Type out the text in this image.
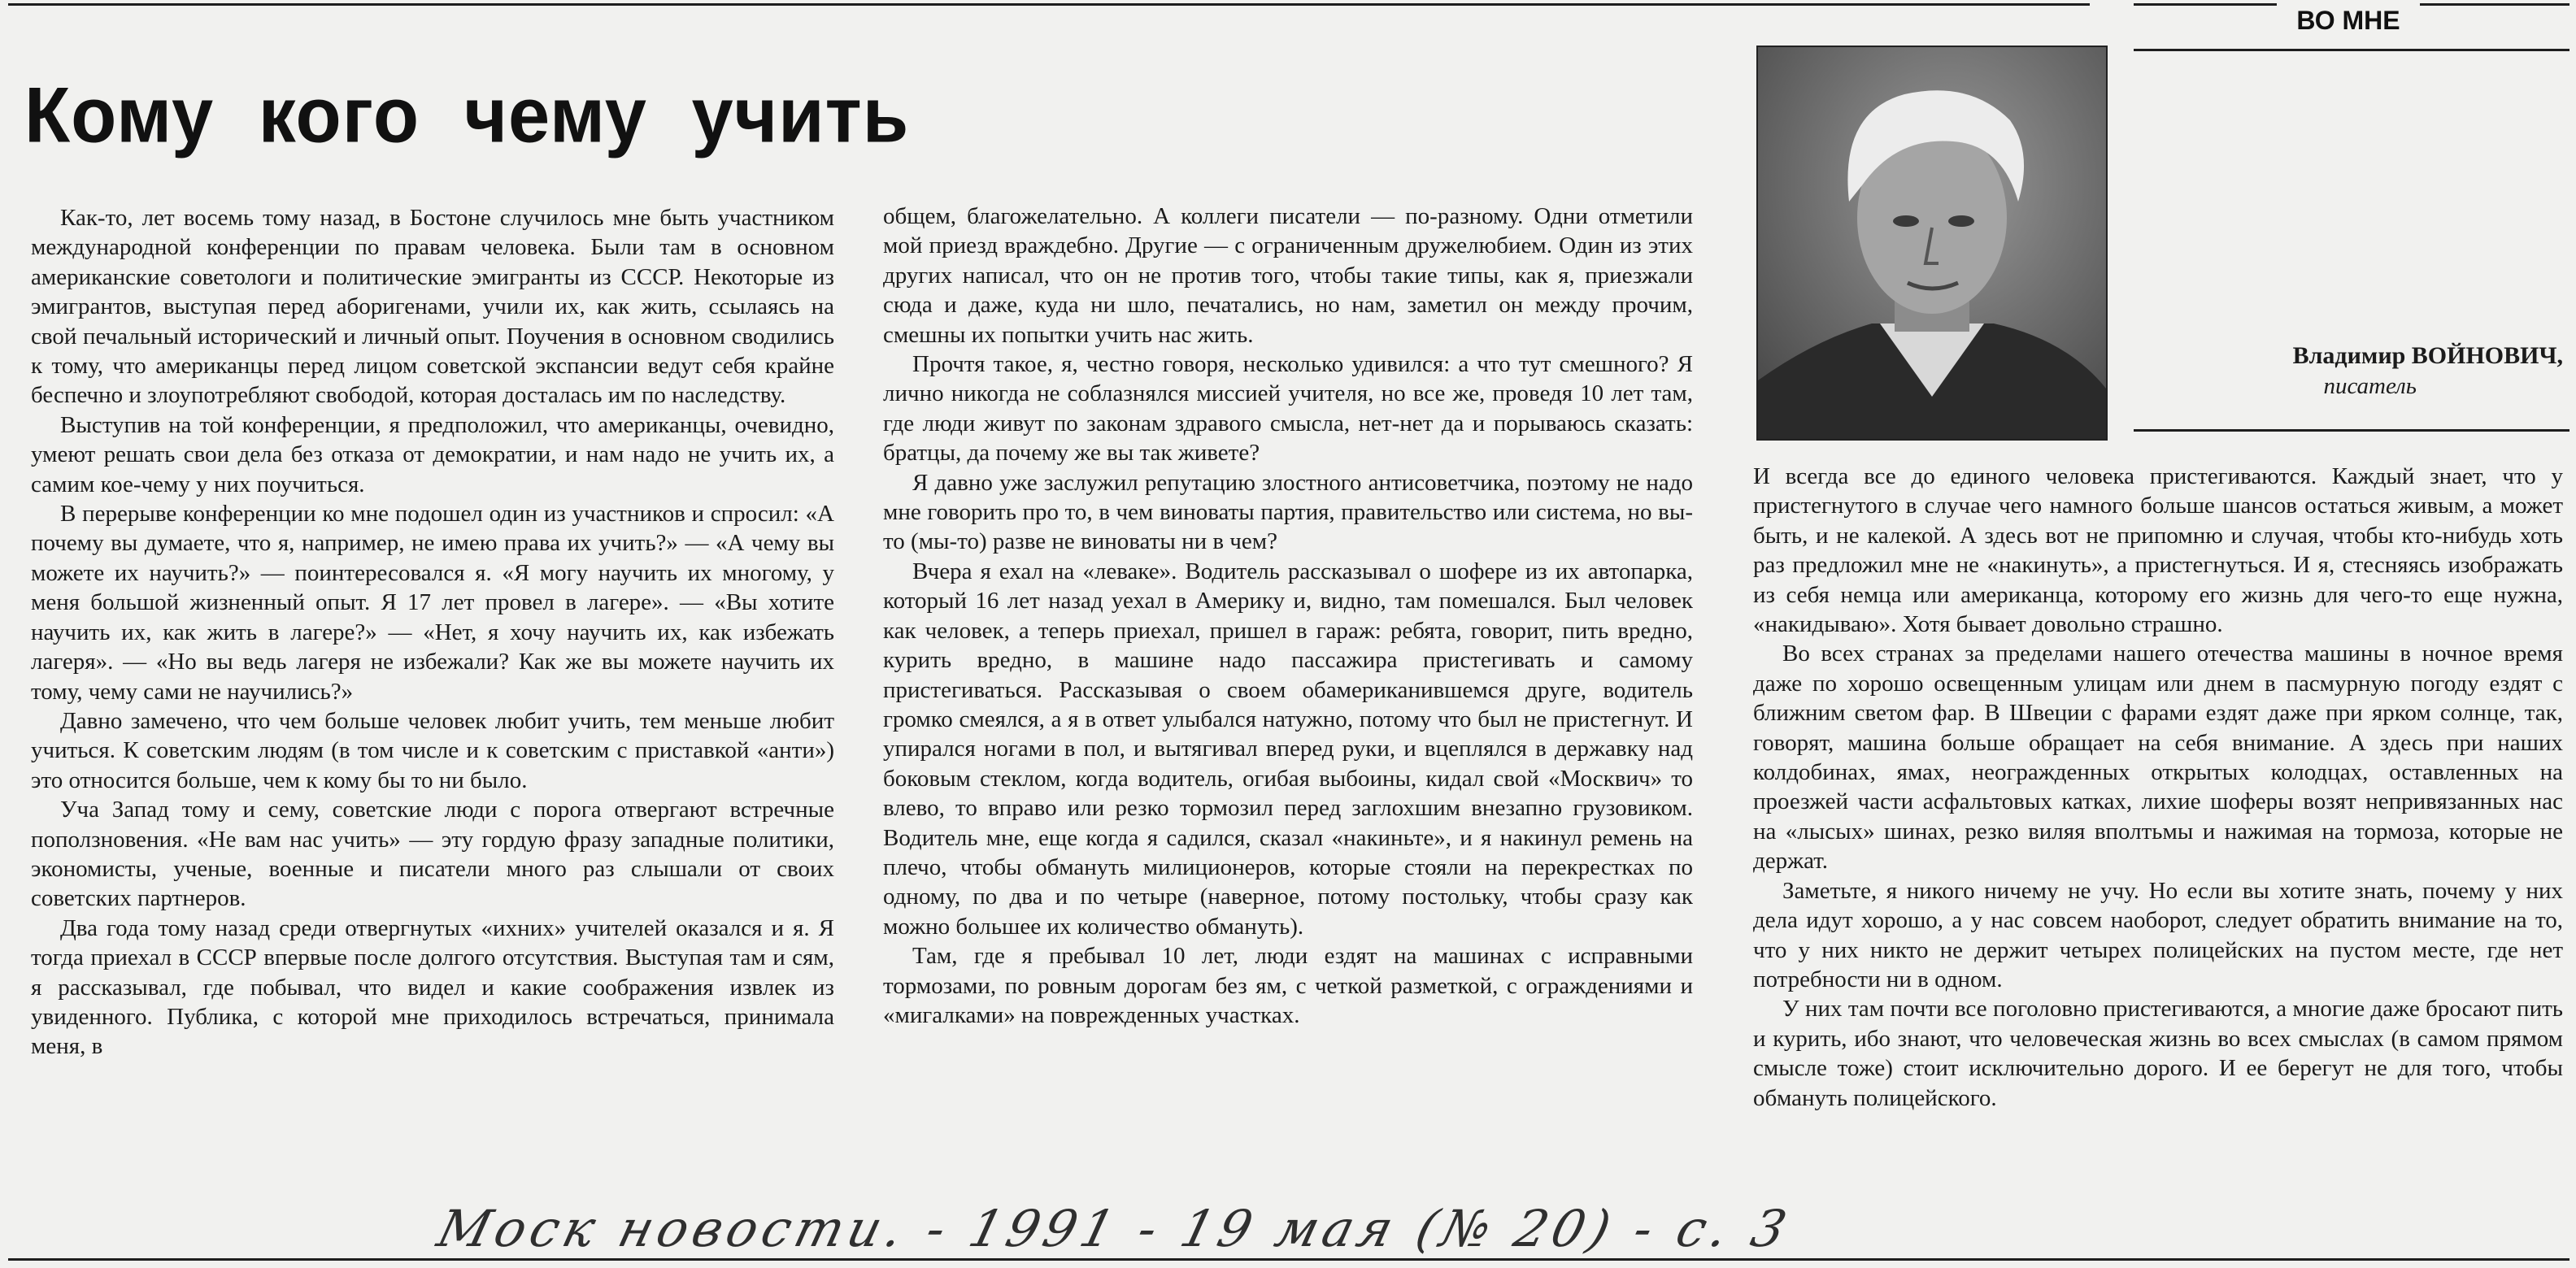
ВО МНЕ
Кому кого чему учить
Владимир ВОЙНОВИЧ,
писатель

Как-то, лет восемь тому назад, в Бостоне случилось мне быть участником международной конференции по правам человека. Были там в основном американские советологи и политические эмигранты из СССР. Некоторые из эмигрантов, выступая перед аборигенами, учили их, как жить, ссылаясь на свой печальный исторический и личный опыт. Поучения в основном сводились к тому, что американцы перед лицом советской экспансии ведут себя крайне беспечно и злоупотребляют свободой, которая досталась им по наследству.

Выступив на той конференции, я предположил, что американцы, очевидно, умеют решать свои дела без отказа от демократии, и нам надо не учить их, а самим кое-чему у них поучиться.

В перерыве конференции ко мне подошел один из участников и спросил: «А почему вы думаете, что я, например, не имею права их учить?» — «А чему вы можете их научить?» — поинтересовался я. «Я могу научить их многому, у меня большой жизненный опыт. Я 17 лет провел в лагере». — «Вы хотите научить их, как жить в лагере?» — «Нет, я хочу научить их, как избежать лагеря». — «Но вы ведь лагеря не избежали? Как же вы можете научить их тому, чему сами не научились?»

Давно замечено, что чем больше человек любит учить, тем меньше любит учиться. К советским людям (в том числе и к советским с приставкой «анти») это относится больше, чем к кому бы то ни было.

Уча Запад тому и сему, советские люди с порога отвергают встречные поползновения. «Не вам нас учить» — эту гордую фразу западные политики, экономисты, ученые, военные и писатели много раз слышали от своих советских партнеров.

Два года тому назад среди отвергнутых «ихних» учителей оказался и я. Я тогда приехал в СССР впервые после долгого отсутствия. Выступая там и сям, я рассказывал, где побывал, что видел и какие соображения извлек из увиденного. Публика, с которой мне приходилось встречаться, принимала меня, в

общем, благожелательно. А коллеги писатели — по-разному. Одни отметили мой приезд враждебно. Другие — с ограниченным дружелюбием. Один из этих других написал, что он не против того, чтобы такие типы, как я, приезжали сюда и даже, куда ни шло, печатались, но нам, заметил он между прочим, смешны их попытки учить нас жить.

Прочтя такое, я, честно говоря, несколько удивился: а что тут смешного? Я лично никогда не соблазнялся миссией учителя, но все же, проведя 10 лет там, где люди живут по законам здравого смысла, нет-нет да и порываюсь сказать: братцы, да почему же вы так живете?

Я давно уже заслужил репутацию злостного антисоветчика, поэтому не надо мне говорить про то, в чем виноваты партия, правительство или система, но вы-то (мы-то) разве не виноваты ни в чем?

Вчера я ехал на «леваке». Водитель рассказывал о шофере из их автопарка, который 16 лет назад уехал в Америку и, видно, там помешался. Был человек как человек, а теперь приехал, пришел в гараж: ребята, говорит, пить вредно, курить вредно, в машине надо пассажира пристегивать и самому пристегиваться. Рассказывая о своем обамериканившемся друге, водитель громко смеялся, а я в ответ улыбался натужно, потому что был не пристегнут. И упирался ногами в пол, и вытягивал вперед руки, и вцеплялся в державку над боковым стеклом, когда водитель, огибая выбоины, кидал свой «Москвич» то влево, то вправо или резко тормозил перед заглохшим внезапно грузовиком. Водитель мне, еще когда я садился, сказал «накиньте», и я накинул ремень на плечо, чтобы обмануть милиционеров, которые стояли на перекрестках по одному, по два и по четыре (наверное, потому постольку, чтобы сразу как можно большее их количество обмануть).

Там, где я пребывал 10 лет, люди ездят на машинах с исправными тормозами, по ровным дорогам без ям, с четкой разметкой, с ограждениями и «мигалками» на поврежденных участках.

И всегда все до единого человека пристегиваются. Каждый знает, что у пристегнутого в случае чего намного больше шансов остаться живым, а может быть, и не калекой. А здесь вот не припомню и случая, чтобы кто-нибудь хоть раз предложил мне не «накинуть», а пристегнуться. И я, стесняясь изображать из себя немца или американца, которому его жизнь для чего-то еще нужна, «накидываю». Хотя бывает довольно страшно.

Во всех странах за пределами нашего отечества машины в ночное время даже по хорошо освещенным улицам или днем в пасмурную погоду ездят с ближним светом фар. В Швеции с фарами ездят даже при ярком солнце, так, говорят, машина больше обращает на себя внимание. А здесь при наших колдобинах, ямах, неогражденных открытых колодцах, оставленных на проезжей части асфальтовых катках, лихие шоферы возят непривязанных нас на «лысых» шинах, резко виляя вполтьмы и нажимая на тормоза, которые не держат.

Заметьте, я никого ничему не учу. Но если вы хотите знать, почему у них дела идут хорошо, а у нас совсем наоборот, следует обратить внимание на то, что у них никто не держит четырех полицейских на пустом месте, где нет потребности ни в одном.

У них там почти все поголовно пристегиваются, а многие даже бросают пить и курить, ибо знают, что человеческая жизнь во всех смыслах (в самом прямом смысле тоже) стоит исключительно дорого. И ее берегут не для того, чтобы обмануть полицейского.

Моск новости. - 1991 - 19 мая (№ 20) - с. 3
